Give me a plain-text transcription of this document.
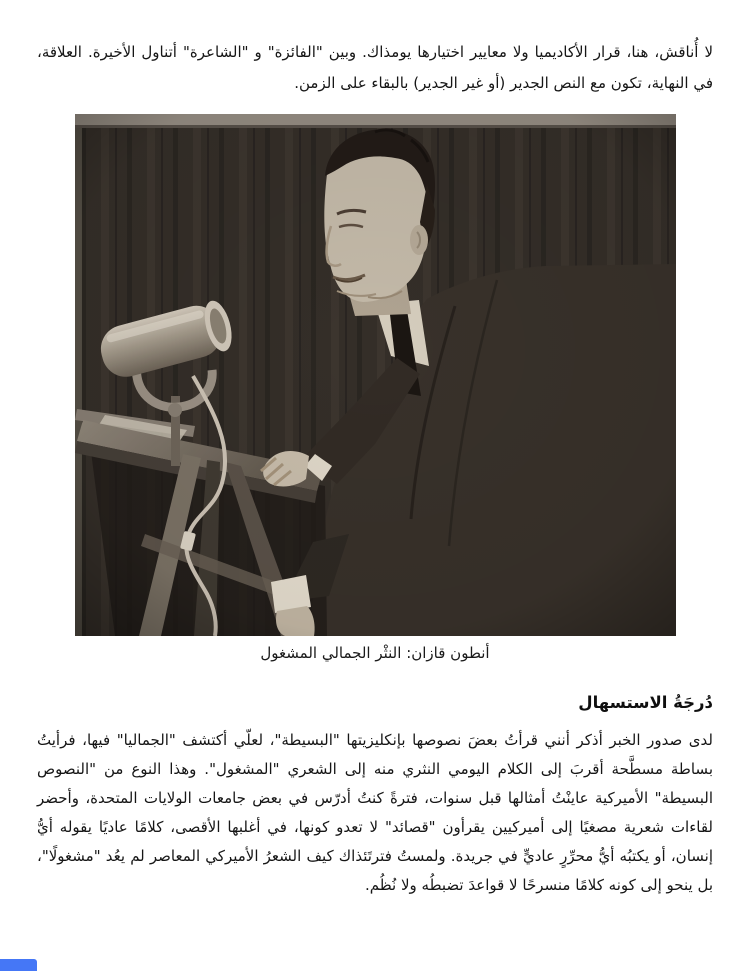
لا أُناقش، هنا، قرار الأكاديميا ولا معايير اختيارها يومذاك. وبين "الفائزة" و "الشاعرة" أتناول الأخيرة. العلاقة، في النهاية، تكون مع النص الجدير (أو غير الجدير) بالبقاء على الزمن.

أنطون قازان: النثْر الجمالي المشغول
دُرجَةُ الاستسهال

لدى صدور الخبر أذكر أنني قرأتُ بعضَ نصوصها بإنكليزيتها "البسيطة"، لعلّي أكتشف "الجماليا" فيها، فرأيتُ بساطة مسطَّحة أقربَ إلى الكلام اليومي النثري منه إلى الشعري "المشغول". وهذا النوع من "النصوص البسيطة" الأميركية عاينْتُ أمثالها قبل سنوات، فترةً كنتُ أدرّس في بعض جامعات الولايات المتحدة، وأحضر لقاءات شعرية مصغيًا إلى أميركيين يقرأون "قصائد" لا تعدو كونها، في أغلبها الأقصى، كلامًا عاديًا يقوله أيُّ إنسان، أو يكتبُه أيُّ محرِّرٍ عاديٍّ في جريدة. ولمستُ فترتَئذاك كيف الشعرُ الأميركي المعاصر لم يعُد "مشغولًا"، بل ينحو إلى كونه كلامًا منسرحًا لا قواعدَ تضبطُه ولا نُظُم.
